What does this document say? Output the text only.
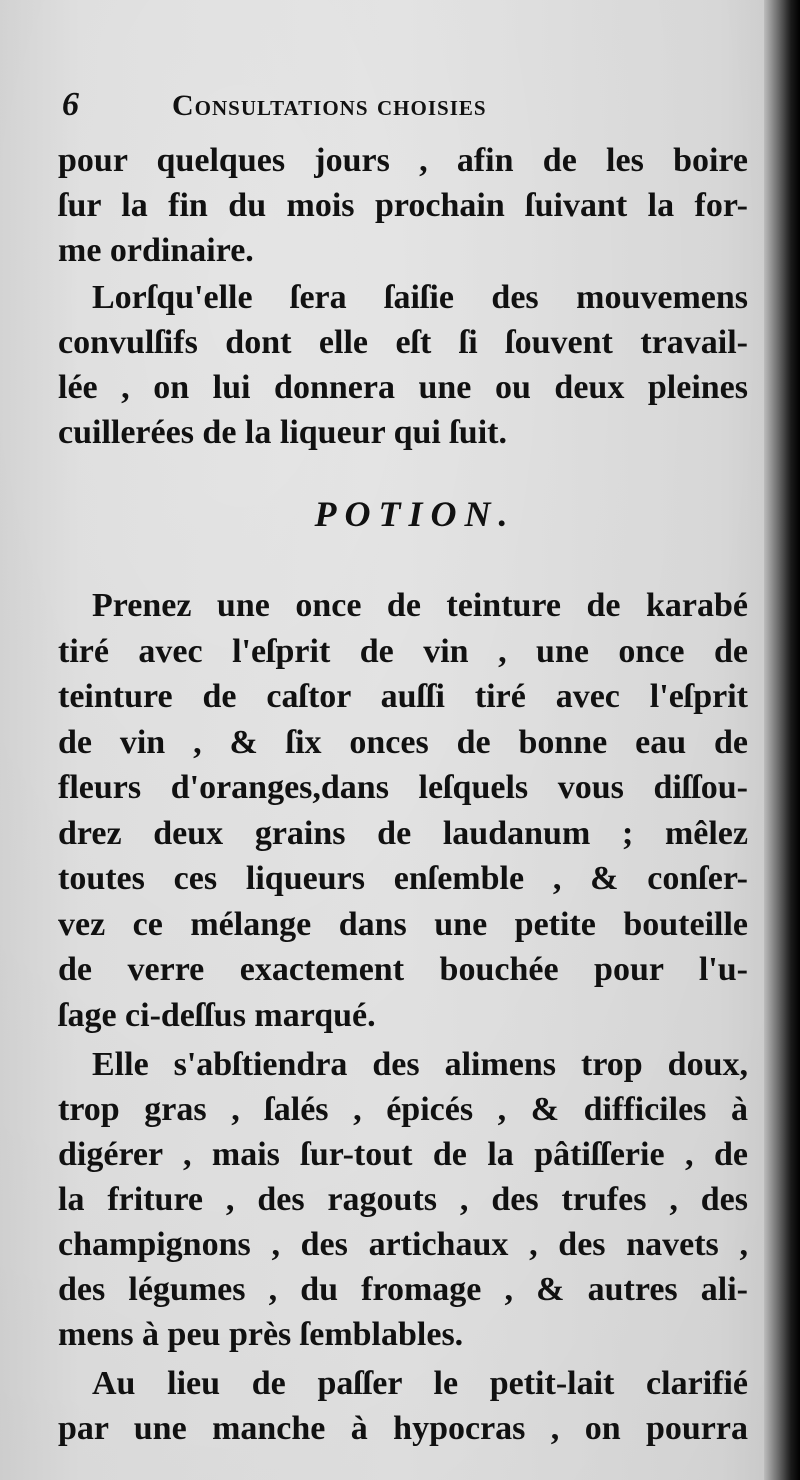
6	Consultations choisies
pour quelques jours , afin de les boire
ſur la fin du mois prochain ſuivant la for-
me ordinaire.
Lorſqu'elle ſera ſaiſie des mouvemens
convulſifs dont elle eſt ſi ſouvent travail-
lée , on lui donnera une ou deux pleines
cuillerées de la liqueur qui ſuit.
POTION.
Prenez une once de teinture de karabé
tiré avec l'eſprit de vin , une once de
teinture de caſtor auſſi tiré avec l'eſprit
de vin , & ſix onces de bonne eau de
fleurs d'oranges,dans leſquels vous diſſou-
drez deux grains de laudanum ; mêlez
toutes ces liqueurs enſemble , & conſer-
vez ce mélange dans une petite bouteille
de verre exactement bouchée pour l'u-
ſage ci-deſſus marqué.
Elle s'abſtiendra des alimens trop doux,
trop gras , ſalés , épicés , & difficiles à
digérer , mais ſur-tout de la pâtiſſerie , de
la friture , des ragouts , des trufes , des
champignons , des artichaux , des navets ,
des légumes , du fromage , & autres ali-
mens à peu près ſemblables.
Au lieu de paſſer le petit-lait clarifié
par une manche à hypocras , on pourra
